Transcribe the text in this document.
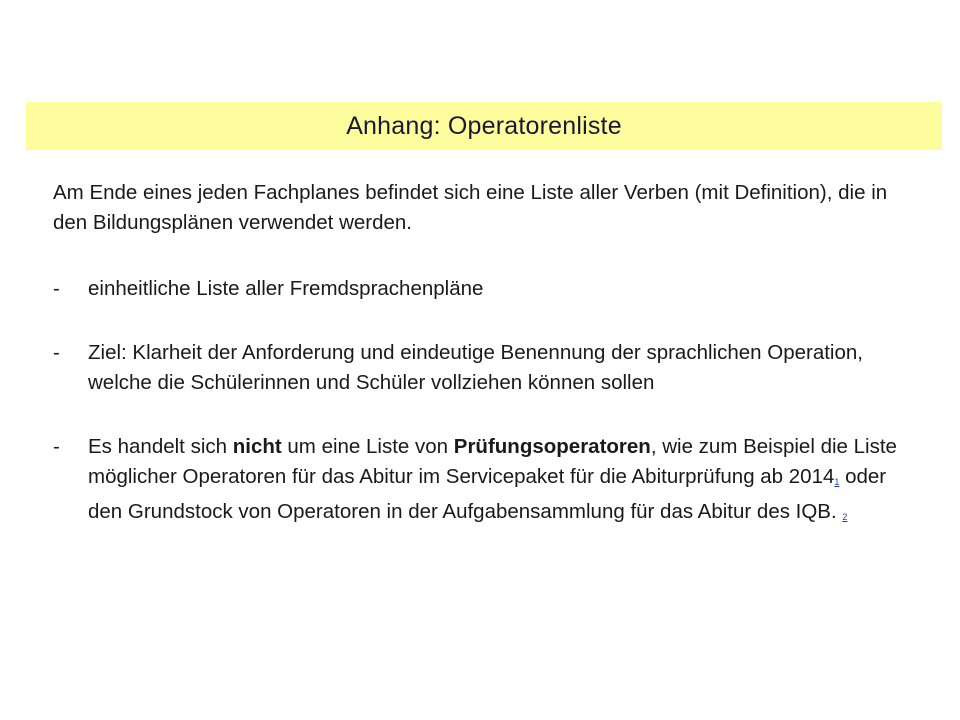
Anhang: Operatorenliste

Am Ende eines jeden Fachplanes befindet sich eine Liste aller Verben (mit Definition), die in den Bildungsplänen verwendet werden.

-	einheitliche Liste aller Fremdsprachenpläne
-	Ziel: Klarheit der Anforderung und eindeutige Benennung der sprachlichen Operation, welche die Schülerinnen und Schüler vollziehen können sollen
-	Es handelt sich nicht um eine Liste von Prüfungsoperatoren, wie zum Beispiel die Liste möglicher Operatoren für das Abitur im Servicepaket für die Abiturprüfung ab 20141 oder den Grundstock von Operatoren in der Aufgabensammlung für das Abitur des IQB. 2
